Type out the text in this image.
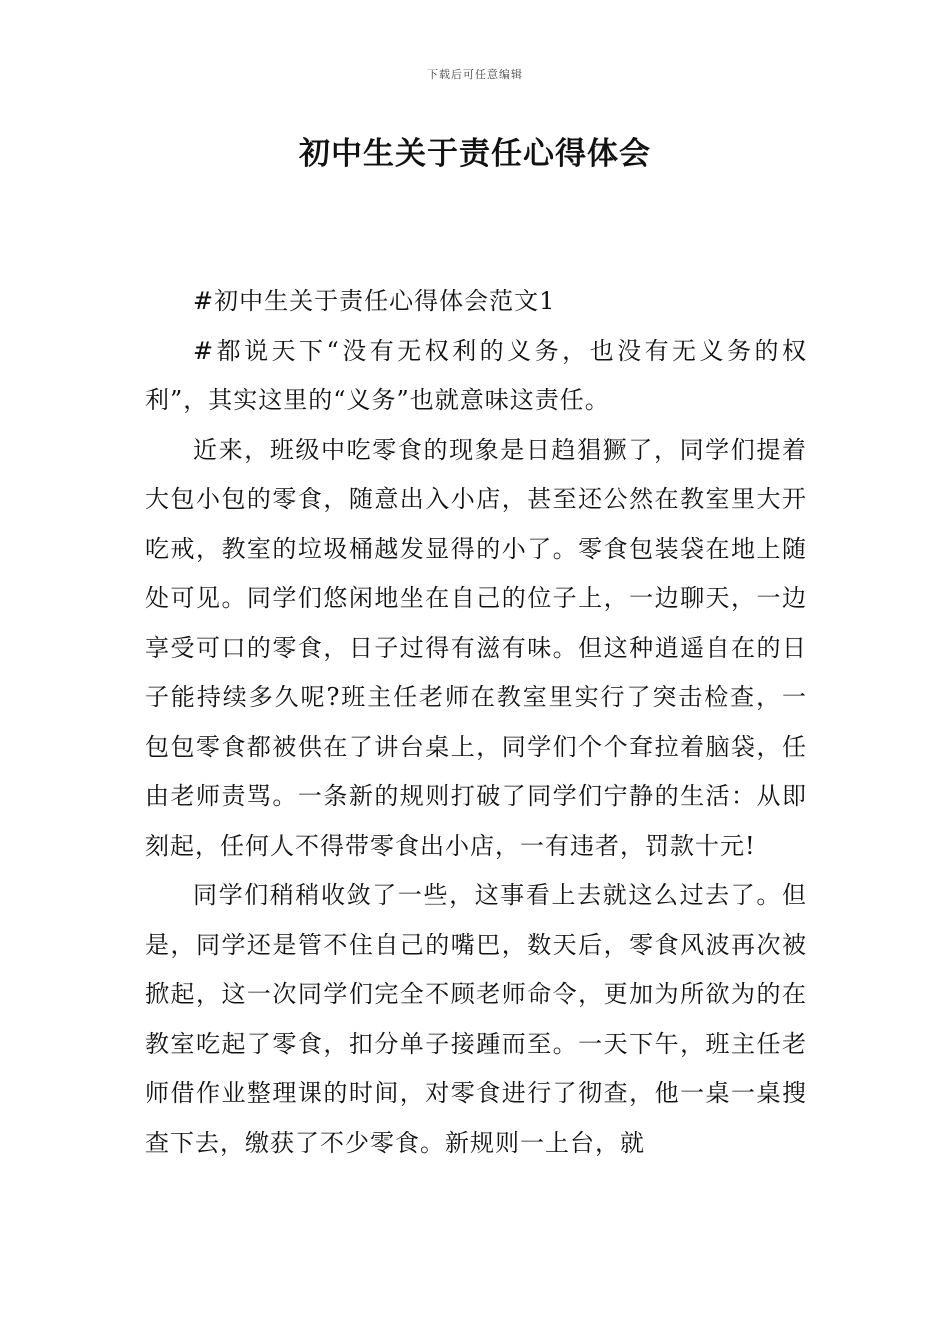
下载后可任意编辑
初中生关于责任心得体会

#初中生关于责任心得体会范文1

#都说天下“没有无权利的义务，也没有无义务的权利”，其实这里的“义务”也就意味这责任。

近来，班级中吃零食的现象是日趋猖獗了，同学们提着大包小包的零食，随意出入小店，甚至还公然在教室里大开吃戒，教室的垃圾桶越发显得的小了。零食包装袋在地上随处可见。同学们悠闲地坐在自己的位子上，一边聊天，一边享受可口的零食，日子过得有滋有味。但这种逍遥自在的日子能持续多久呢?班主任老师在教室里实行了突击检查，一包包零食都被供在了讲台桌上，同学们个个耷拉着脑袋，任由老师责骂。一条新的规则打破了同学们宁静的生活：从即刻起，任何人不得带零食出小店，一有违者，罚款十元!

同学们稍稍收敛了一些，这事看上去就这么过去了。但是，同学还是管不住自己的嘴巴，数天后，零食风波再次被掀起，这一次同学们完全不顾老师命令，更加为所欲为的在教室吃起了零食，扣分单子接踵而至。一天下午，班主任老师借作业整理课的时间，对零食进行了彻查，他一桌一桌搜查下去，缴获了不少零食。新规则一上台，就
